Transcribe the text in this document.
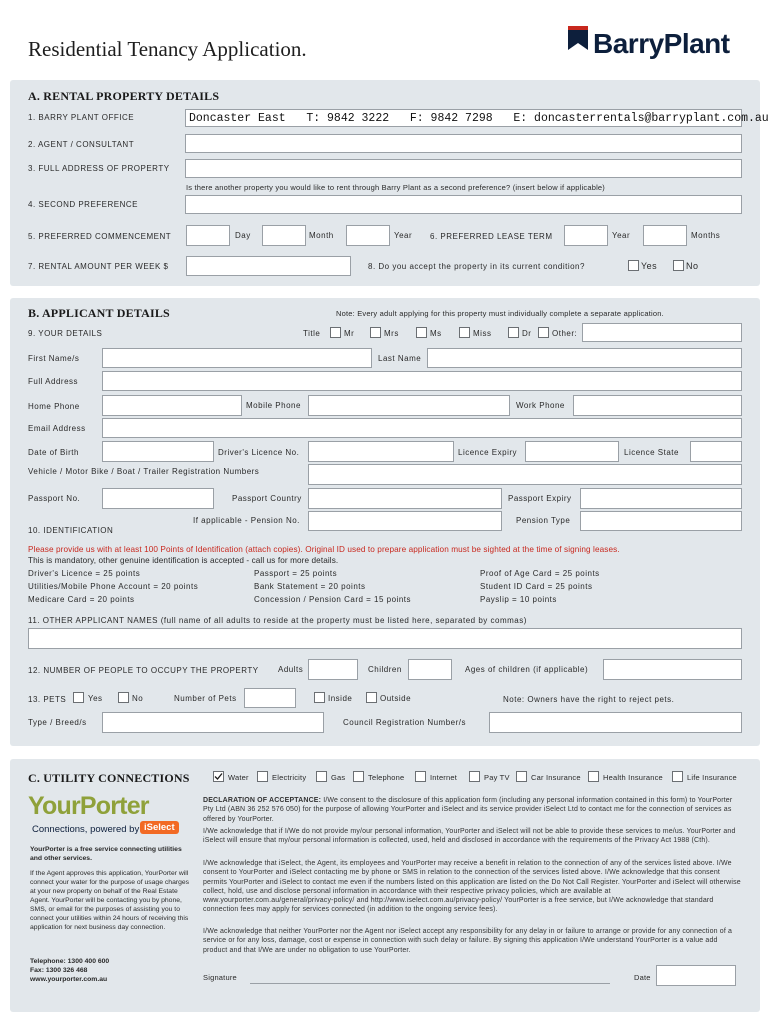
Residential Tenancy Application.	BarryPlant
A. RENTAL PROPERTY DETAILS
1. BARRY PLANT OFFICE	Doncaster East   T: 9842 3222   F: 9842 7298   E: doncasterrentals@barryplant.com.au
2. AGENT / CONSULTANT
3. FULL ADDRESS OF PROPERTY
Is there another property you would like to rent through Barry Plant as a second preference? (insert below if applicable)
4. SECOND PREFERENCE
5. PREFERRED COMMENCEMENT	Day	Month	Year 6. PREFERRED LEASE TERM	Year	Months
7. RENTAL AMOUNT PER WEEK $	8. Do you accept the property in its current condition?	Yes	No
B. APPLICANT DETAILS	Note: Every adult applying for this property must individually complete a separate application.
9. YOUR DETAILS	Title	Mr	Mrs	Ms	Miss	Dr	Other:
First Name/s	Last Name
Full Address
Home Phone	Mobile Phone	Work Phone
Email Address
Date of Birth	Driver's Licence No.	Licence Expiry	Licence State
Vehicle / Motor Bike / Boat / Trailer Registration Numbers
Passport No.	Passport Country	Passport Expiry
If applicable - Pension No.	Pension Type
10. IDENTIFICATION
Please provide us with at least 100 Points of Identification (attach copies). Original ID used to prepare application must be sighted at the time of signing leases.
This is mandatory, other genuine identification is accepted - call us for more details.
Driver's Licence = 25 points	Passport = 25 points	Proof of Age Card = 25 points
Utilities/Mobile Phone Account = 20 points	Bank Statement = 20 points	Student ID Card = 25 points
Medicare Card = 20 points	Concession / Pension Card = 15 points	Payslip = 10 points
11. OTHER APPLICANT NAMES (full name of all adults to reside at the property must be listed here, separated by commas)
12. NUMBER OF PEOPLE TO OCCUPY THE PROPERTY Adults	Children	Ages of children (if applicable)
13. PETS	Yes	No	Number of Pets	Inside	Outside	Note: Owners have the right to reject pets.
Type / Breed/s	Council Registration Number/s
C. UTILITY CONNECTIONS	Water	Electricity	Gas	Telephone	Internet	Pay TV	Car Insurance	Health Insurance	Life Insurance
YourPorter
Connections, powered by iSelect
YourPorter is a free service connecting utilities and other services.
If the Agent approves this application, YourPorter will connect your water for the purpose of usage charges at your new property on behalf of the Real Estate Agent. YourPorter will be contacting you by phone, SMS, or email for the purposes of assisting you to connect your utilities within 24 hours of receiving this application for next business day connection.
Telephone: 1300 400 600
Fax: 1300 326 468
www.yourporter.com.au
DECLARATION OF ACCEPTANCE: I/We consent to the disclosure of this application form (including any personal information contained in this form) to YourPorter Pty Ltd (ABN 36 252 576 050) for the purpose of allowing YourPorter and iSelect and its service provider iSelect Ltd to contact me for the connection of services as offered by YourPorter.
I/We acknowledge that if I/We do not provide my/our personal information, YourPorter and iSelect will not be able to provide these services to me/us. YourPorter and iSelect will ensure that my/our personal information is collected, used, held and disclosed in accordance with the requirements of the Privacy Act 1988 (Cth).
I/We acknowledge that iSelect, the Agent, its employees and YourPorter may receive a benefit in relation to the connection of any of the services listed above. I/We consent to YourPorter and iSelect contacting me by phone or SMS in relation to the connection of the services listed above. I/We acknowledge that this consent permits YourPorter and iSelect to contact me even if the numbers listed on this application are listed on the Do Not Call Register. YourPorter and iSelect will otherwise collect, hold, use and disclose personal information in accordance with their respective privacy policies, which are available at www.yourporter.com.au/general/privacy-policy/ and http://www.iselect.com.au/privacy-policy/ YourPorter is a free service, but I/We acknowledge that standard connection fees may apply for services connected (in addition to the ongoing service fees).
I/We acknowledge that neither YourPorter nor the Agent nor iSelect accept any responsibility for any delay in or failure to arrange or provide for any connection of a service or for any loss, damage, cost or expense in connection with such delay or failure. By signing this application I/We understand YourPorter is a value add product and that I/We are under no obligation to use YourPorter.
Signature	Date
